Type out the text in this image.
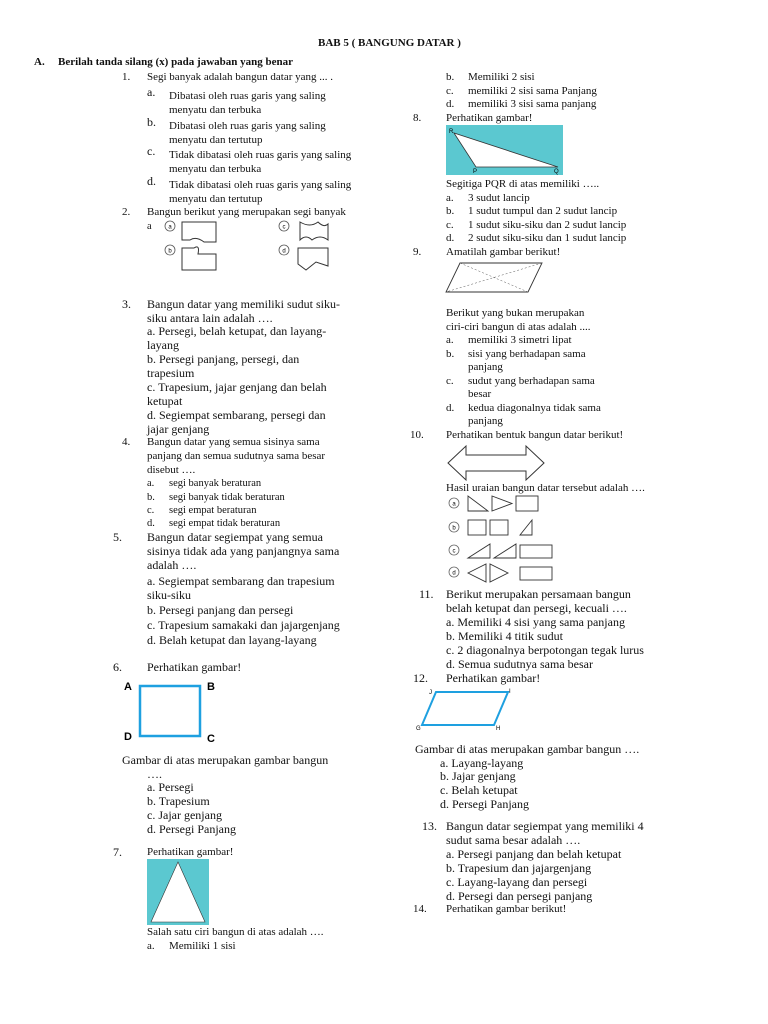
BAB 5 ( BANGUNG DATAR )
A. Berilah tanda silang (x) pada jawaban yang benar
1. Segi banyak adalah bangun datar yang ... .
a. Dibatasi oleh ruas garis yang saling
menyatu dan terbuka
b. Dibatasi oleh ruas garis yang saling
menyatu dan tertutup
c. Tidak dibatasi oleh ruas garis yang saling
menyatu dan terbuka
d. Tidak dibatasi oleh ruas garis yang saling
menyatu dan tertutup
2. Bangun berikut yang merupakan segi banyak
a	a
b
c
d
3. Bangun datar yang memiliki sudut siku-
siku antara lain adalah ….
a. Persegi, belah ketupat, dan layang-
layang
b. Persegi panjang, persegi, dan
trapesium
c. Trapesium, jajar genjang dan belah
ketupat
d. Segiempat sembarang, persegi dan
jajar genjang
4. Bangun datar yang semua sisinya sama
panjang dan semua sudutnya sama besar
disebut ….
a. segi banyak beraturan
b. segi banyak tidak beraturan
c. segi empat beraturan
d. segi empat tidak beraturan
5. Bangun datar segiempat yang semua
sisinya tidak ada yang panjangnya sama
adalah ….
a. Segiempat sembarang dan trapesium
siku-siku
b. Persegi panjang dan persegi
c. Trapesium samakaki dan jajargenjang
d. Belah ketupat dan layang-layang
6. Perhatikan gambar!
A	B
C
D
Gambar di atas merupakan gambar bangun
….
a. Persegi
b. Trapesium
c. Jajar genjang
d. Persegi Panjang
7. Perhatikan gambar!
Salah satu ciri bangun di atas adalah ….
a. Memiliki 1 sisi
b. Memiliki 2 sisi
c. memiliki 2 sisi sama Panjang
d. memiliki 3 sisi sama panjang
8. Perhatikan gambar!
R
P	Q
Segitiga PQR di atas memiliki …..
a. 3 sudut lancip
b. 1 sudut tumpul dan 2 sudut lancip
c. 1 sudut siku-siku dan 2 sudut lancip
d. 2 sudut siku-siku dan 1 sudut lancip
9. Amatilah gambar berikut!
Berikut yang bukan merupakan
ciri-ciri bangun di atas adalah ....
a. memiliki 3 simetri lipat
b. sisi yang berhadapan sama
panjang
c. sudut yang berhadapan sama
besar
d. kedua diagonalnya tidak sama
panjang
10. Perhatikan bentuk bangun datar berikut!
Hasil uraian bangun datar tersebut adalah ….
a
b
c
d
11. Berikut merupakan persamaan bangun
belah ketupat dan persegi, kecuali ….
a. Memiliki 4 sisi yang sama panjang
b. Memiliki 4 titik sudut
c. 2 diagonalnya berpotongan tegak lurus
d. Semua sudutnya sama besar
12. Perhatikan gambar!
J	I
G	H
Gambar di atas merupakan gambar bangun ….
a. Layang-layang
b. Jajar genjang
c. Belah ketupat
d. Persegi Panjang
13. Bangun datar segiempat yang memiliki 4
sudut sama besar adalah ….
a. Persegi panjang dan belah ketupat
b. Trapesium dan jajargenjang
c. Layang-layang dan persegi
d. Persegi dan persegi panjang
14. Perhatikan gambar berikut!
